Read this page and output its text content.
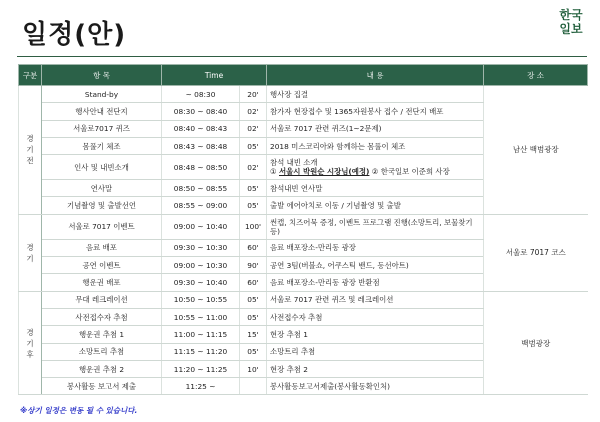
일정(안)
한국
일보
구분	항 목	Time		내 용	장 소

경
기
전	Stand-by	~ 08:30	20'	행사장 집결	남산 백범광장
	행사안내 전단지	08:30 ~ 08:40	02'	참가자 현장접수 및 1365자원봉사 접수 / 전단지 배포	
	서울로7017 퀴즈	08:40 ~ 08:43	02'	서울로 7017 관련 퀴즈(1~2문제)	
	몸풀기 체조	08:43 ~ 08:48	05'	2018 미스코리아와 함께하는 몸풀이 체조	
	인사 및 내빈소개	08:48 ~ 08:50	02'	참석 내빈 소개
① 서울시 박원순 시장님(예정) ② 한국일보 이준희 사장	

	연사말	08:50 ~ 08:55	05'	참석내빈 연사말	
	기념촬영 및 출발선언	08:55 ~ 09:00	05'	출발 에어아치로 이동 / 기념촬영 및 출발	

경
기	서울로 7017 이벤트	09:00 ~ 10:40	100'	썬캡, 치즈어묵 증정, 이벤트 프로그램 진행(소망트리, 보물찾기 등)	서울로 7017 코스
	음료 배포	09:30 ~ 10:30	60'	음료 배포장소-만리동 광장	
	공연 이벤트	09:00 ~ 10:30	90'	공연 3팀(버블쇼, 어쿠스틱 밴드, 동선아트)	
	행운권 배포	09:30 ~ 10:40	60'	음료 배포장소-만리동 광장 반환점	

경
기
후	무대 레크레이션	10:50 ~ 10:55	05'	서울로 7017 관련 퀴즈 및 레크레이션	백범광장
	사전접수자 추첨	10:55 ~ 11:00	05'	사전접수자 추첨	
	행운권 추첨 1	11:00 ~ 11:15	15'	현장 추첨 1	
	소망트리 추첨	11:15 ~ 11:20	05'	소망트리 추첨	
	행운권 추첨 2	11:20 ~ 11:25	10'	현장 추첨 2	
	봉사활동 보고서 제출	11:25 ~		봉사활동보고서제출(봉사활동확인처)	
※상기 일정은 변동 될 수 있습니다.
